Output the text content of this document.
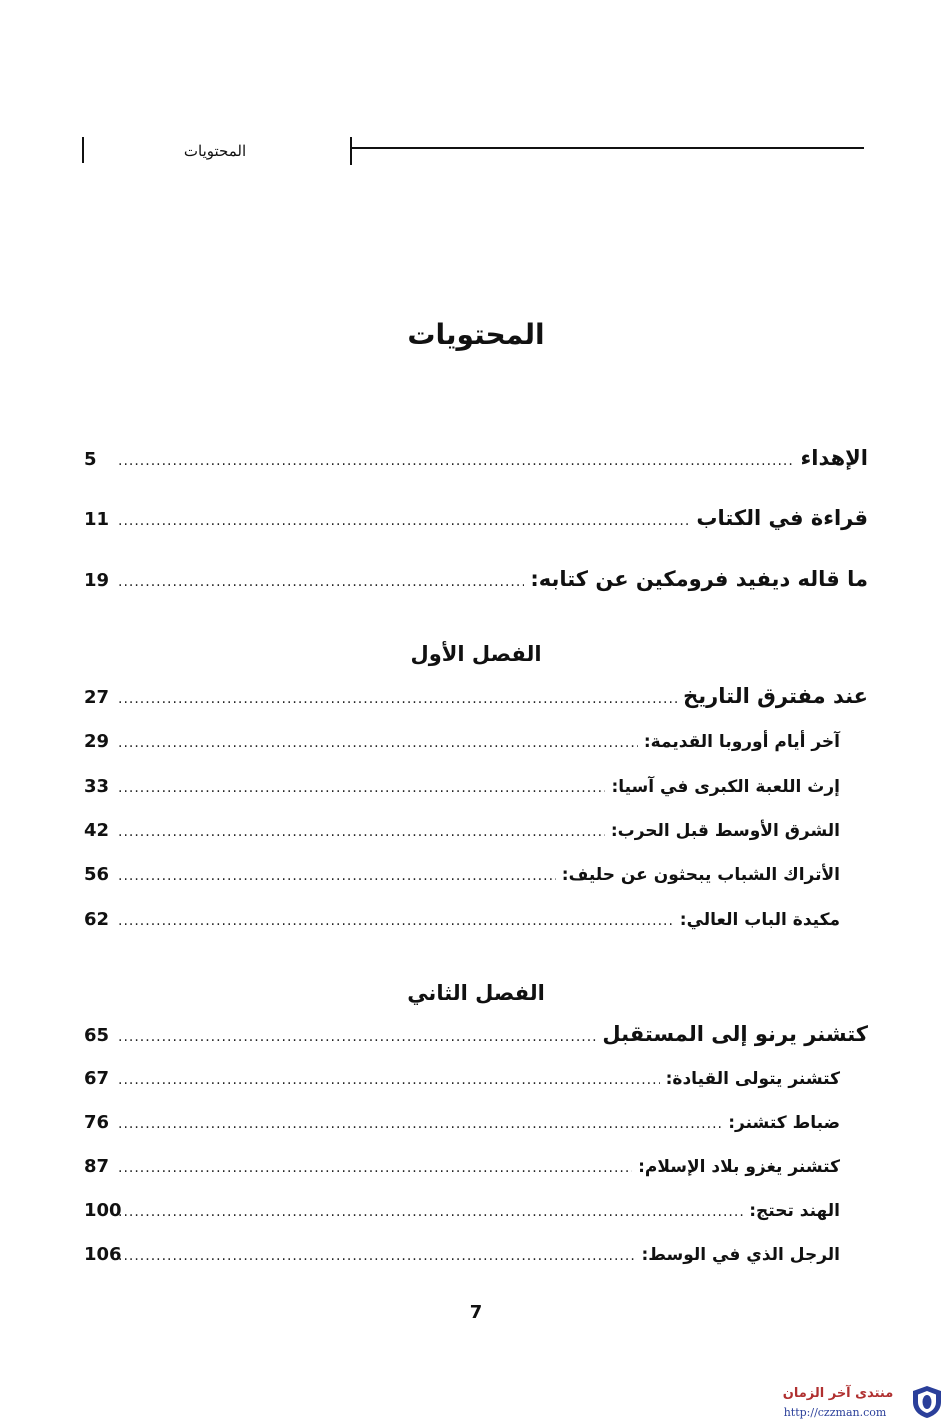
المحتويات
المحتويات
الإهداء
.....
5
قراءة في الكتاب
.....
11
ما قاله ديفيد فرومكين عن كتابه:
.....
19
الفصل الأول
عند مفترق التاريخ
.....
27
آخر أيام أوروبا القديمة:
.....
29
إرث اللعبة الكبرى في آسيا:
.....
33
الشرق الأوسط قبل الحرب:
.....
42
الأتراك الشباب يبحثون عن حليف:
.....
56
مكيدة الباب العالي:
.....
62
الفصل الثاني
كتشنر يرنو إلى المستقبل
.....
65
كتشنر يتولى القيادة:
.....
67
ضباط كتشنر:
.....
76
كتشنر يغزو بلاد الإسلام:
.....
87
الهند تحتج:
.....
100
الرجل الذي في الوسط:
.....
106
7
منتدى آخر الزمان
http://czzman.com
